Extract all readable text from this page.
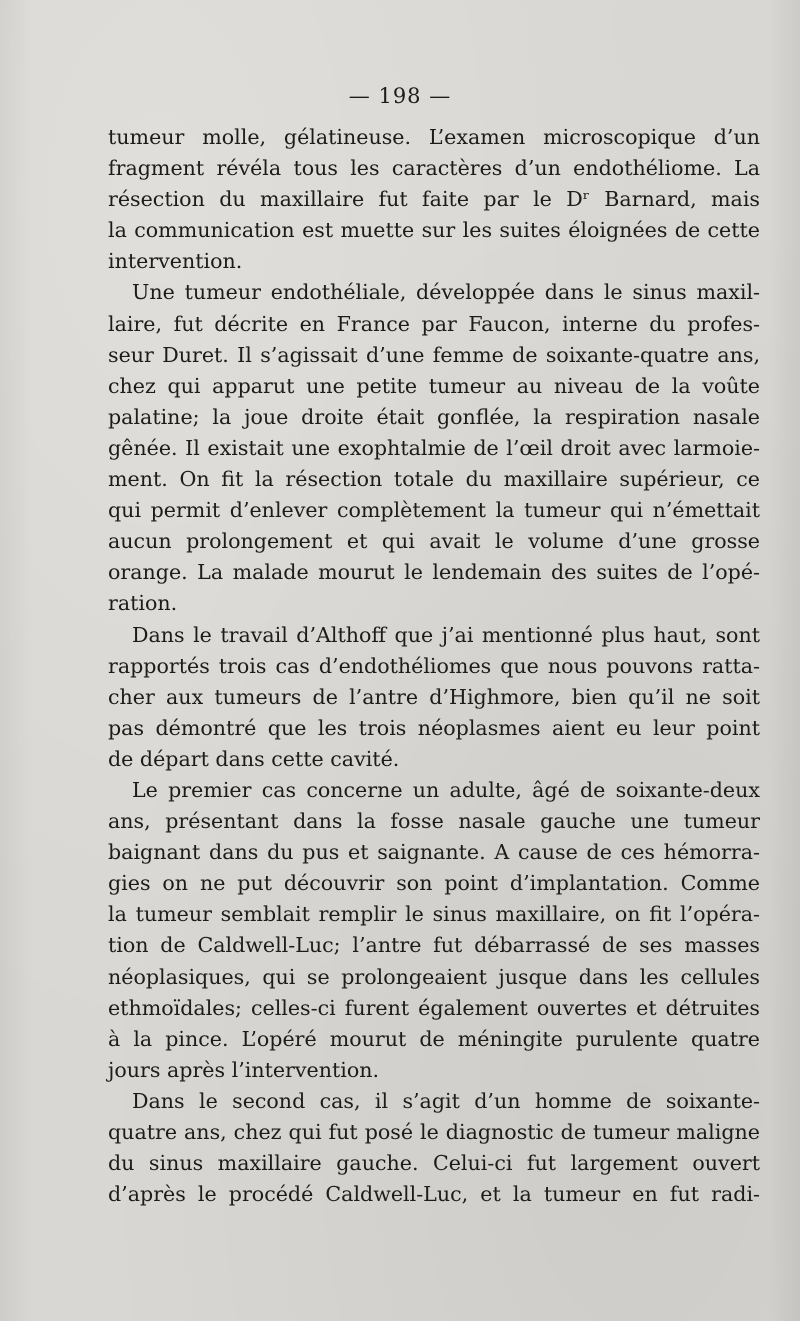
— 198 —

tumeur molle, gélatineuse. L’examen microscopique d’un
fragment révéla tous les caractères d’un endothéliome. La
résection du maxillaire fut faite par le Dʳ Barnard, mais
la communication est muette sur les suites éloignées de cette
intervention.
Une tumeur endothéliale, développée dans le sinus maxil-
laire, fut décrite en France par Faucon, interne du profes-
seur Duret. Il s’agissait d’une femme de soixante-quatre ans,
chez qui apparut une petite tumeur au niveau de la voûte
palatine; la joue droite était gonflée, la respiration nasale
gênée. Il existait une exophtalmie de l’œil droit avec larmoie-
ment. On fit la résection totale du maxillaire supérieur, ce
qui permit d’enlever complètement la tumeur qui n’émettait
aucun prolongement et qui avait le volume d’une grosse
orange. La malade mourut le lendemain des suites de l’opé-
ration.
Dans le travail d’Althoff que j’ai mentionné plus haut, sont
rapportés trois cas d’endothéliomes que nous pouvons ratta-
cher aux tumeurs de l’antre d’Highmore, bien qu’il ne soit
pas démontré que les trois néoplasmes aient eu leur point
de départ dans cette cavité.
Le premier cas concerne un adulte, âgé de soixante-deux
ans, présentant dans la fosse nasale gauche une tumeur
baignant dans du pus et saignante. A cause de ces hémorra-
gies on ne put découvrir son point d’implantation. Comme
la tumeur semblait remplir le sinus maxillaire, on fit l’opéra-
tion de Caldwell-Luc; l’antre fut débarrassé de ses masses
néoplasiques, qui se prolongeaient jusque dans les cellules
ethmoïdales; celles-ci furent également ouvertes et détruites
à la pince. L’opéré mourut de méningite purulente quatre
jours après l’intervention.
Dans le second cas, il s’agit d’un homme de soixante-
quatre ans, chez qui fut posé le diagnostic de tumeur maligne
du sinus maxillaire gauche. Celui-ci fut largement ouvert
d’après le procédé Caldwell-Luc, et la tumeur en fut radi-
